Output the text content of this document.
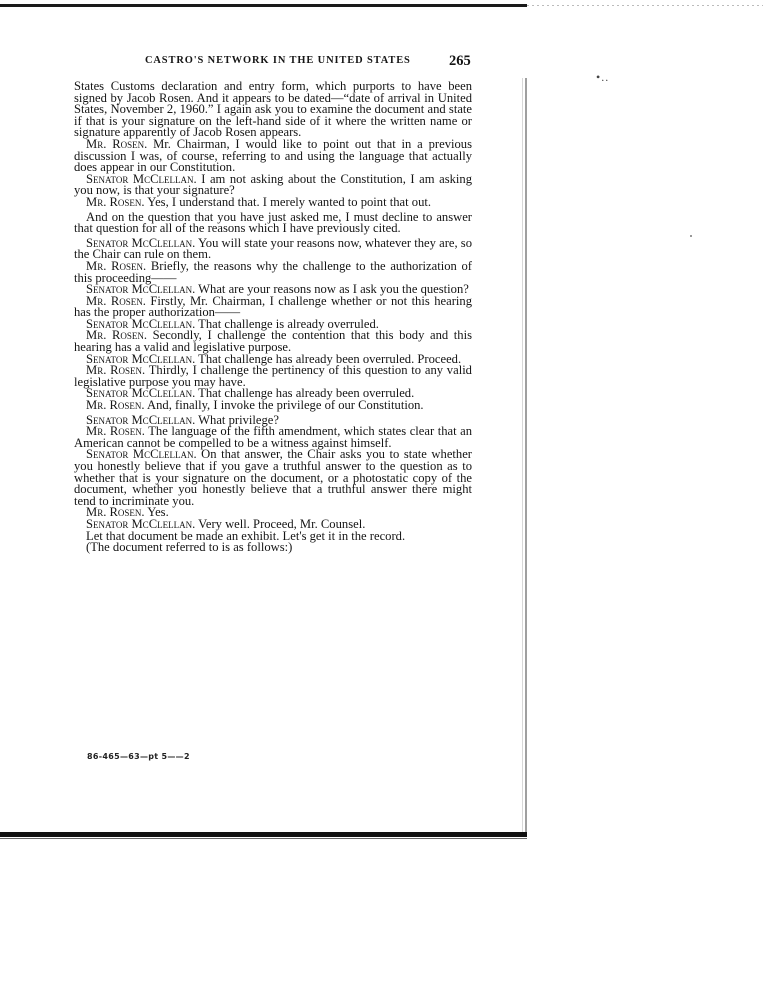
•..
CASTRO'S NETWORK IN THE UNITED STATES	265

States Customs declaration and entry form, which purports to have been signed by Jacob Rosen. And it appears to be dated—“date of arrival in United States, November 2, 1960.” I again ask you to examine the document and state if that is your signature on the left-hand side of it where the written name or signature apparently of Jacob Rosen appears.

Mr. Rosen. Mr. Chairman, I would like to point out that in a previous discussion I was, of course, referring to and using the language that actually does appear in our Constitution.

Senator McClellan. I am not asking about the Constitution, I am asking you now, is that your signature?

Mr. Rosen. Yes, I understand that. I merely wanted to point that out.

And on the question that you have just asked me, I must decline to answer that question for all of the reasons which I have previously cited.

Senator McClellan. You will state your reasons now, whatever they are, so the Chair can rule on them.

Mr. Rosen. Briefly, the reasons why the challenge to the authorization of this proceeding——

Senator McClellan. What are your reasons now as I ask you the question?

Mr. Rosen. Firstly, Mr. Chairman, I challenge whether or not this hearing has the proper authorization——

Senator McClellan. That challenge is already overruled.

Mr. Rosen. Secondly, I challenge the contention that this body and this hearing has a valid and legislative purpose.

Senator McClellan. That challenge has already been overruled. Proceed.

Mr. Rosen. Thirdly, I challenge the pertinency of this question to any valid legislative purpose you may have.

Senator McClellan. That challenge has already been overruled.

Mr. Rosen. And, finally, I invoke the privilege of our Constitution.

Senator McClellan. What privilege?

Mr. Rosen. The language of the fifth amendment, which states clear that an American cannot be compelled to be a witness against himself.

Senator McClellan. On that answer, the Chair asks you to state whether you honestly believe that if you gave a truthful answer to the question as to whether that is your signature on the document, or a photostatic copy of the document, whether you honestly believe that a truthful answer there might tend to incriminate you.

Mr. Rosen. Yes.

Senator McClellan. Very well. Proceed, Mr. Counsel.

Let that document be made an exhibit. Let's get it in the record.

(The document referred to is as follows:)

86-465—63—pt 5——2
